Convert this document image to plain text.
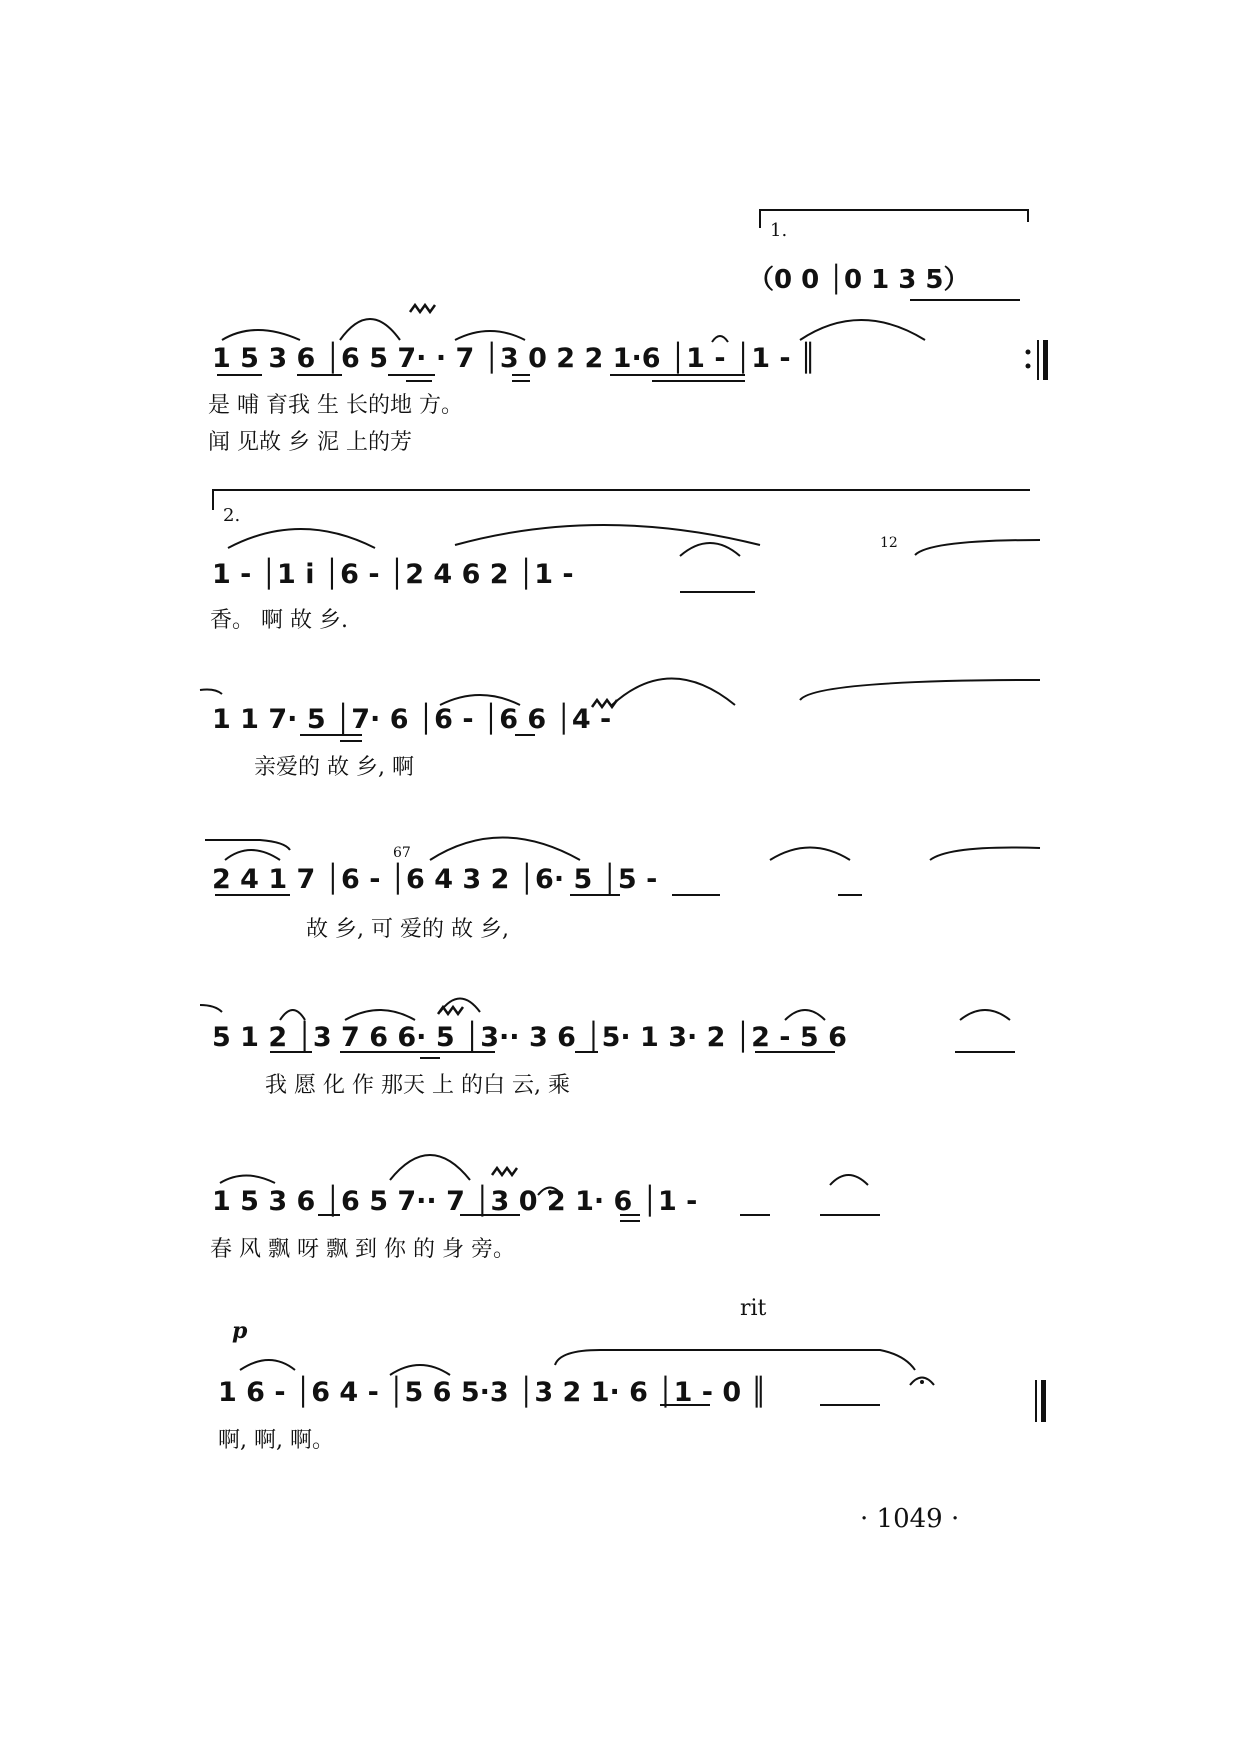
1.
2.
（0 0 │0 1 3 5）
1 5 3 6 │6 5 7· · 7 │3 0 2 2 1·6 │1 - │1 - ║
是 哺 育我 生 长的地 方。
闻 见故 乡 泥 上的芳
1 - │1 i │6 - │2 4 6 2 │1 -
12
香。 啊 故 乡.
1 1 7· 5 │7· 6 │6 - │6 6 │4 -
亲爱的 故 乡, 啊
2 4 1 7 │6 - │6 4 3 2 │6· 5 │5 -
67
故 乡, 可 爱的 故 乡,
5 1 2 │3 7 6 6· 5 │3·· 3 6 │5· 1 3· 2 │2 - 5 6
我 愿 化 作 那天 上 的白 云, 乘
1 5 3 6 │6 5 7·· 7 │3 0 2 1· 6 │1 -
春 风 飘 呀 飘 到 你 的 身 旁。
p
rit
1 6 - │6 4 - │5 6 5·3 │3 2 1· 6 │1 - 0 ║
啊, 啊, 啊。
· 1049 ·
